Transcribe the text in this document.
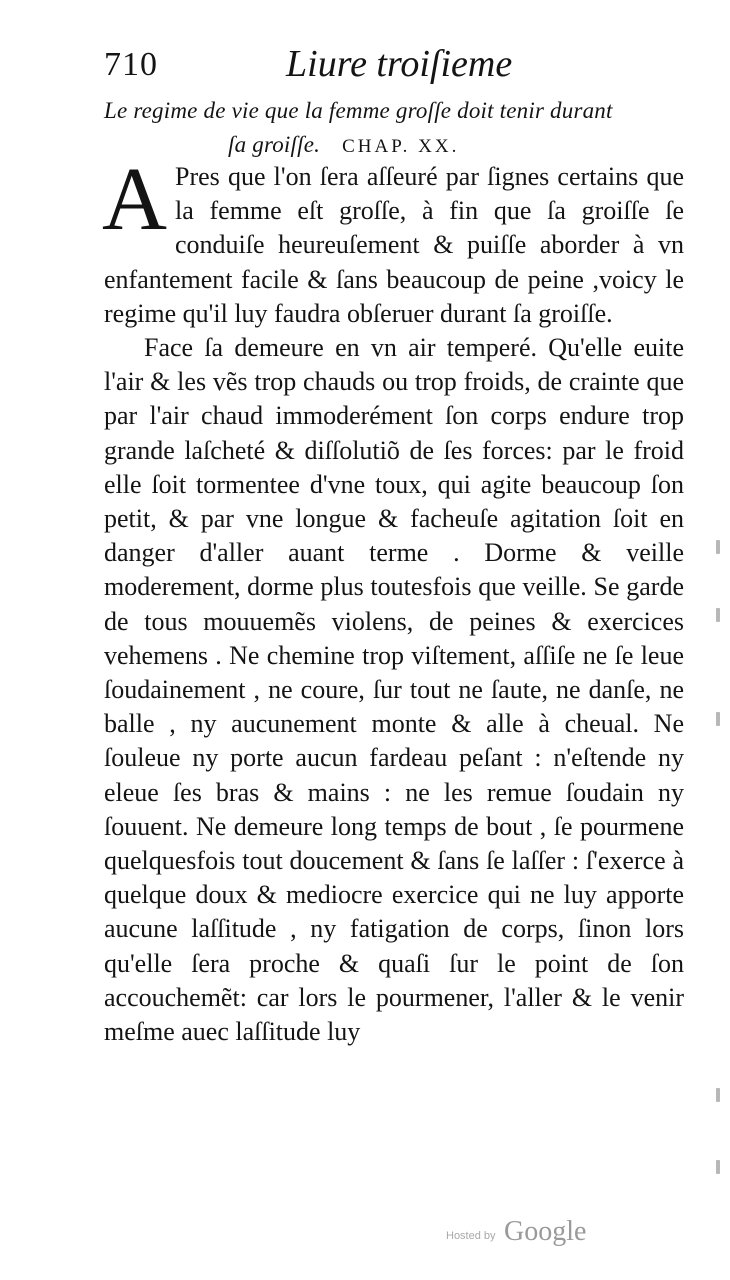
710	Liure troiſieme
Le regime de vie que la femme groſſe doit tenir durant
ſa groiſſe. CHAP. XX.

A Pres que l'on ſera aſſeuré par ſignes certains que la femme eſt groſſe, à fin que ſa groiſſe ſe conduiſe heureuſement & puiſſe aborder à vn enfantement facile & ſans beaucoup de peine ,voicy le regime qu'il luy faudra obſeruer durant ſa groiſſe.

Face ſa demeure en vn air temperé. Qu'elle euite l'air & les vẽs trop chauds ou trop froids, de crainte que par l'air chaud immoderément ſon corps endure trop grande laſcheté & diſſolutiõ de ſes forces: par le froid elle ſoit tormentee d'vne toux, qui agite beaucoup ſon petit, & par vne longue & facheuſe agitation ſoit en danger d'aller auant terme . Dorme & veille moderement, dorme plus toutesfois que veille. Se garde de tous mouuemẽs violens, de peines & exercices vehemens . Ne chemine trop viſtement, aſſiſe ne ſe leue ſoudainement , ne coure, ſur tout ne ſaute, ne danſe, ne balle , ny aucunement monte & alle à cheual. Ne ſouleue ny porte aucun fardeau peſant : n'eſtende ny eleue ſes bras & mains : ne les remue ſoudain ny ſouuent. Ne demeure long temps de bout , ſe pourmene quelquesfois tout doucement & ſans ſe laſſer : ſ'exerce à quelque doux & mediocre exercice qui ne luy apporte aucune laſſitude , ny fatigation de corps, ſinon lors qu'elle ſera proche & quaſi ſur le point de ſon accouchemẽt: car lors le pourmener, l'aller & le venir meſme auec laſſitude luy

Hosted by Google
